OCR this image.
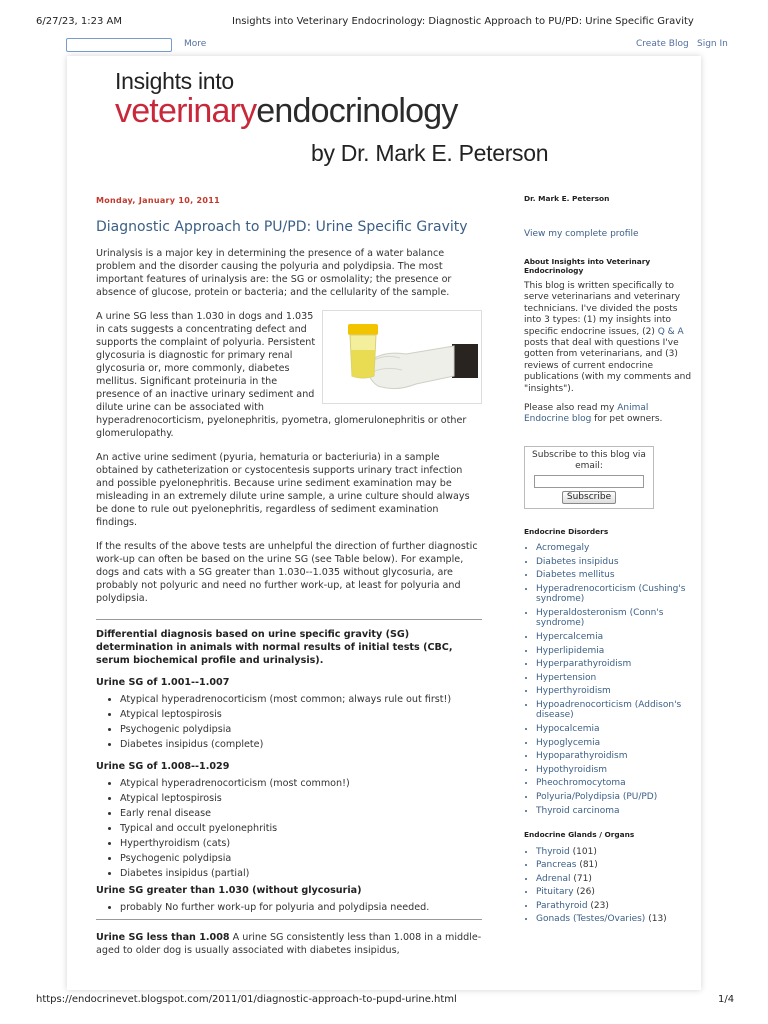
6/27/23, 1:23 AM	Insights into Veterinary Endocrinology: Diagnostic Approach to PU/PD: Urine Specific Gravity
More	Create Blog Sign In
Insights into
veterinaryendocrinology
by Dr. Mark E. Peterson
Monday, January 10, 2011
Diagnostic Approach to PU/PD: Urine Specific Gravity

Urinalysis is a major key in determining the presence of a water balance problem and the disorder causing the polyuria and polydipsia. The most important features of urinalysis are: the SG or osmolality; the presence or absence of glucose, protein or bacteria; and the cellularity of the sample.

A urine SG less than 1.030 in dogs and 1.035 in cats suggests a concentrating defect and supports the complaint of polyuria. Persistent glycosuria is diagnostic for primary renal glycosuria or, more commonly, diabetes mellitus. Significant proteinuria in the presence of an inactive urinary sediment and dilute urine can be associated with hyperadrenocorticism, pyelonephritis, pyometra, glomerulonephritis or other glomerulopathy.

An active urine sediment (pyuria, hematuria or bacteriuria) in a sample obtained by catheterization or cystocentesis supports urinary tract infection and possible pyelonephritis. Because urine sediment examination may be misleading in an extremely dilute urine sample, a urine culture should always be done to rule out pyelonephritis, regardless of sediment examination findings.

If the results of the above tests are unhelpful the direction of further diagnostic work-up can often be based on the urine SG (see Table below). For example, dogs and cats with a SG greater than 1.030--1.035 without glycosuria, are probably not polyuric and need no further work-up, at least for polyuria and polydipsia.

Differential diagnosis based on urine specific gravity (SG) determination in animals with normal results of initial tests (CBC, serum biochemical profile and urinalysis).
Urine SG of 1.001--1.007
• Atypical hyperadrenocorticism (most common; always rule out first!)
• Atypical leptospirosis
• Psychogenic polydipsia
• Diabetes insipidus (complete)
Urine SG of 1.008--1.029
• Atypical hyperadrenocorticism (most common!)
• Atypical leptospirosis
• Early renal disease
• Typical and occult pyelonephritis
• Hyperthyroidism (cats)
• Psychogenic polydipsia
• Diabetes insipidus (partial)
Urine SG greater than 1.030 (without glycosuria)
• probably No further work-up for polyuria and polydipsia needed.

Urine SG less than 1.008 A urine SG consistently less than 1.008 in a middle-aged to older dog is usually associated with diabetes insipidus,

Dr. Mark E. Peterson
View my complete profile
About Insights into Veterinary Endocrinology
This blog is written specifically to serve veterinarians and veterinary technicians. I've divided the posts into 3 types: (1) my insights into specific endocrine issues, (2) Q & A posts that deal with questions I've gotten from veterinarians, and (3) reviews of current endocrine publications (with my comments and "insights").
Please also read my Animal Endocrine blog for pet owners.
Subscribe to this blog via email:
Subscribe
Endocrine Disorders
• Acromegaly
• Diabetes insipidus
• Diabetes mellitus
• Hyperadrenocorticism (Cushing's syndrome)
• Hyperaldosteronism (Conn's syndrome)
• Hypercalcemia
• Hyperlipidemia
• Hyperparathyroidism
• Hypertension
• Hyperthyroidism
• Hypoadrenocorticism (Addison's disease)
• Hypocalcemia
• Hypoglycemia
• Hypoparathyroidism
• Hypothyroidism
• Pheochromocytoma
• Polyuria/Polydipsia (PU/PD)
• Thyroid carcinoma
Endocrine Glands / Organs
• Thyroid (101)
• Pancreas (81)
• Adrenal (71)
• Pituitary (26)
• Parathyroid (23)
• Gonads (Testes/Ovaries) (13)
https://endocrinevet.blogspot.com/2011/01/diagnostic-approach-to-pupd-urine.html	1/4
